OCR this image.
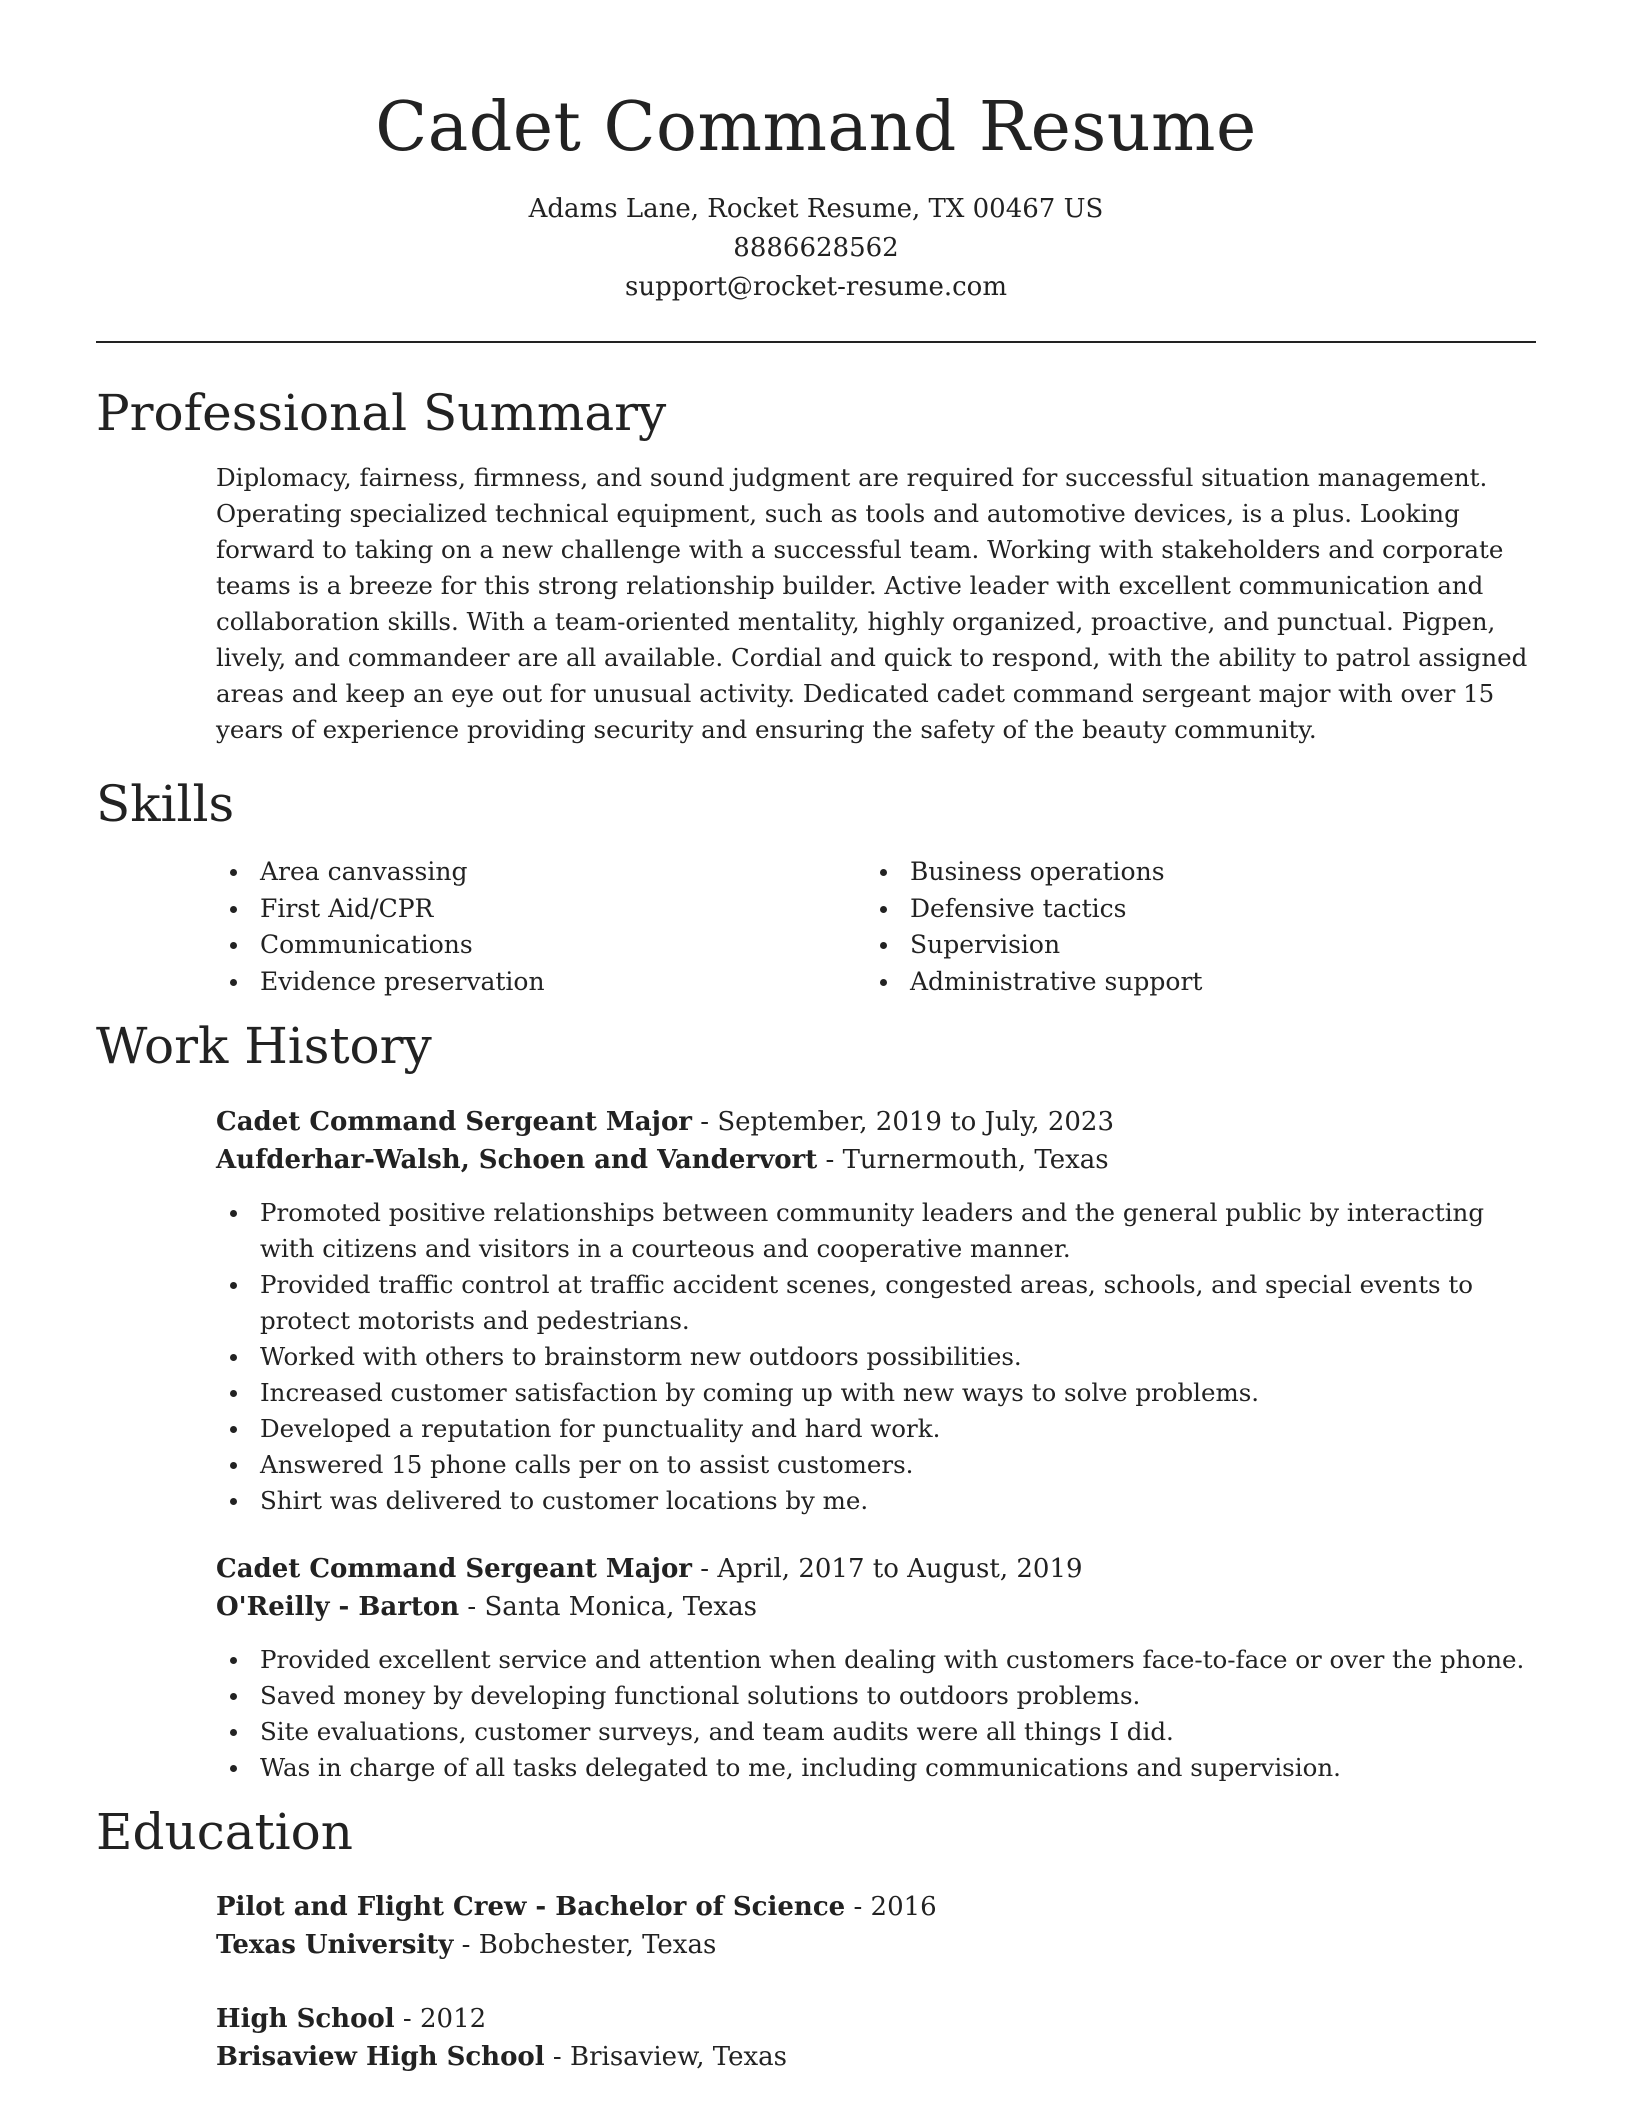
Cadet Command Resume
Adams Lane, Rocket Resume, TX 00467 US
8886628562
support@rocket-resume.com
Professional Summary
Diplomacy, fairness, firmness, and sound judgment are required for successful situation management. Operating specialized technical equipment, such as tools and automotive devices, is a plus. Looking forward to taking on a new challenge with a successful team. Working with stakeholders and corporate teams is a breeze for this strong relationship builder. Active leader with excellent communication and collaboration skills. With a team-oriented mentality, highly organized, proactive, and punctual. Pigpen, lively, and commandeer are all available. Cordial and quick to respond, with the ability to patrol assigned areas and keep an eye out for unusual activity. Dedicated cadet command sergeant major with over 15 years of experience providing security and ensuring the safety of the beauty community.
Skills
Area canvassing
First Aid/CPR
Communications
Evidence preservation
Business operations
Defensive tactics
Supervision
Administrative support
Work History
Cadet Command Sergeant Major - September, 2019 to July, 2023
Aufderhar-Walsh, Schoen and Vandervort - Turnermouth, Texas
Promoted positive relationships between community leaders and the general public by interacting with citizens and visitors in a courteous and cooperative manner.
Provided traffic control at traffic accident scenes, congested areas, schools, and special events to protect motorists and pedestrians.
Worked with others to brainstorm new outdoors possibilities.
Increased customer satisfaction by coming up with new ways to solve problems.
Developed a reputation for punctuality and hard work.
Answered 15 phone calls per on to assist customers.
Shirt was delivered to customer locations by me.
Cadet Command Sergeant Major - April, 2017 to August, 2019
O'Reilly - Barton - Santa Monica, Texas
Provided excellent service and attention when dealing with customers face-to-face or over the phone.
Saved money by developing functional solutions to outdoors problems.
Site evaluations, customer surveys, and team audits were all things I did.
Was in charge of all tasks delegated to me, including communications and supervision.
Education
Pilot and Flight Crew - Bachelor of Science - 2016
Texas University - Bobchester, Texas
High School - 2012
Brisaview High School - Brisaview, Texas
